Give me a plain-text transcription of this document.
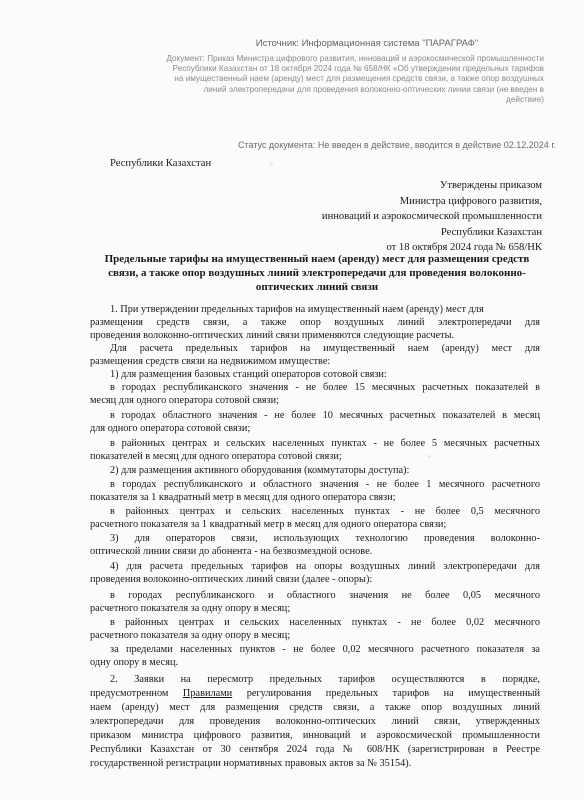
Источник: Информационная система "ПАРАГРАФ"
Документ: Приказ Министра цифрового развития, инноваций и аэрокосмической промышленности
Республики Казахстан от 18 октября 2024 года № 658/НК «Об утверждении предельных тарифов
на имущественный наем (аренду) мест для размещения средств связи, а также опор воздушных
линий электропередачи для проведения волоконно-оптических линии связи (не введен в
действие)
Статус документа: Не введен в действие, вводится в действие 02.12.2024 г.
Республики Казахстан
Утверждены приказом
Министра цифрового развития,
инноваций и аэрокосмической промышленности
Республики Казахстан
от 18 октября 2024 года № 658/НК
Предельные тарифы на имущественный наем (аренду) мест для размещения средств
связи, а также опор воздушных линий электропередачи для проведения волоконно-
оптических линий связи
1. При утверждении предельных тарифов на имущественный наем (аренду) мест для
размещения средств связи, а также опор воздушных линий электропередачи для
проведения волоконно-оптических линий связи применяются следующие расчеты.
Для расчета предельных тарифов на имущественный наем (аренду) мест для
размещения средств связи на недвижимом имуществе:
1) для размещения базовых станций операторов сотовой связи:
в городах республиканского значения - не более 15 месячных расчетных показателей в
месяц для одного оператора сотовой связи;
в городах областного значения - не более 10 месячных расчетных показателей в месяц
для одного оператора сотовой связи;
в районных центрах и сельских населенных пунктах - не более 5 месячных расчетных
показателей в месяц для одного оператора сотовой связи;
2) для размещения активного оборудования (коммутаторы доступа):
в городах республиканского и областного значения - не более 1 месячного расчетного
показателя за 1 квадратный метр в месяц для одного оператора связи;
в районных центрах и сельских населенных пунктах - не более 0,5 месячного
расчетного показателя за 1 квадратный метр в месяц для одного оператора связи;
3) для операторов связи, использующих технологию проведения волоконно-
оптической линии связи до абонента - на безвозмездной основе.
4) для расчета предельных тарифов на опоры воздушных линий электропередачи для
проведения волоконно-оптических линий связи (далее - опоры):
в городах республиканского и областного значения не более 0,05 месячного
расчетного показателя за одну опору в месяц;
в районных центрах и сельских населенных пунктах - не более 0,02 месячного
расчетного показателя за одну опору в месяц;
за пределами населенных пунктов - не более 0,02 месячного расчетного показателя за
одну опору в месяц.
2. Заявки на пересмотр предельных тарифов осуществляются в порядке,
предусмотренном Правилами регулирования предельных тарифов на имущественный
наем (аренду) мест для размещения средств связи, а также опор воздушных линий
электропередачи для проведения волоконно-оптических линий связи, утвержденных
приказом министра цифрового развития, инноваций и аэрокосмической промышленности
Республики Казахстан от 30 сентября 2024 года № 608/НК (зарегистрирован в Реестре
государственной регистрации нормативных правовых актов за № 35154).
